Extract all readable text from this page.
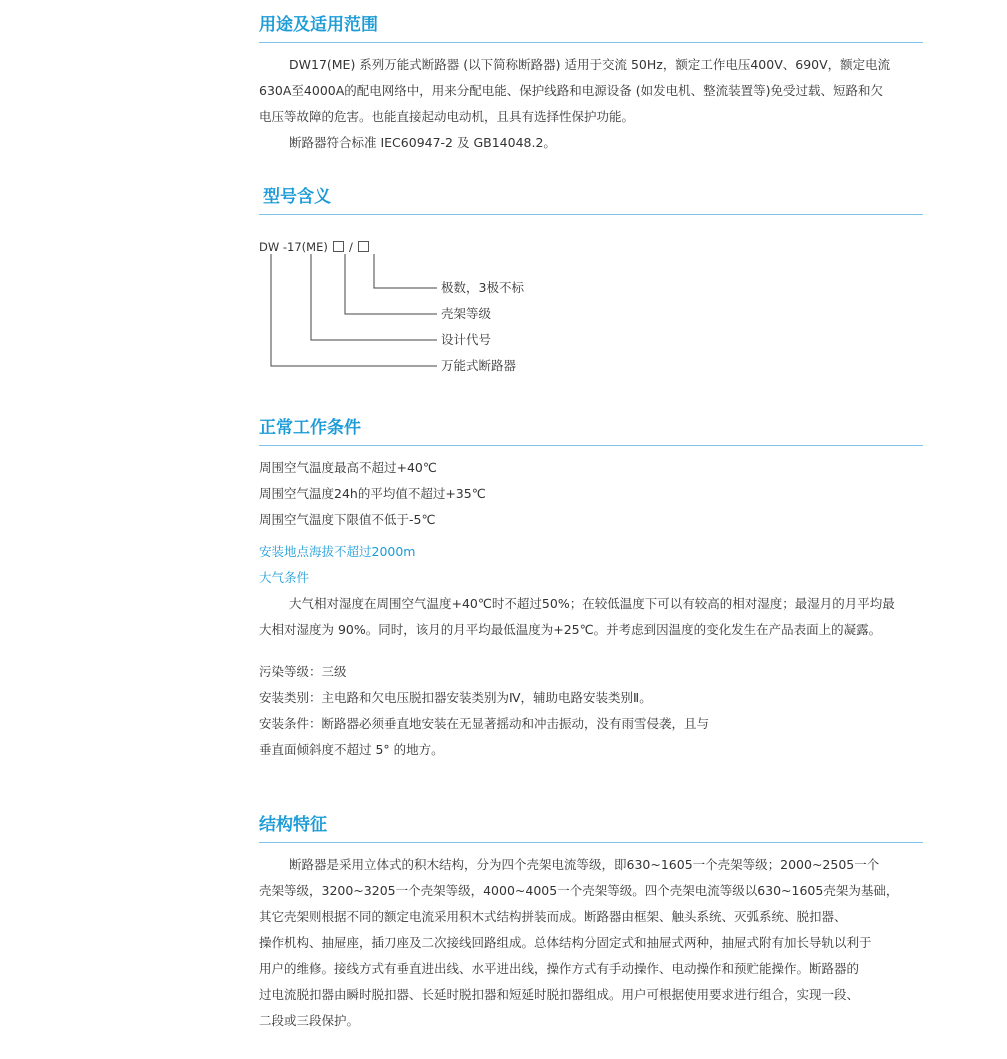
用途及适用范围

DW17(ME) 系列万能式断路器 (以下简称断路器) 适用于交流 50Hz，额定工作电压400V、690V，额定电流

630A至4000A的配电网络中，用来分配电能、保护线路和电源设备 (如发电机、整流装置等)免受过载、短路和欠

电压等故障的危害。也能直接起动电动机，且具有选择性保护功能。

断路器符合标准 IEC60947-2 及 GB14048.2。

型号含义
DW -17(ME) /
极数，3极不标
壳架等级
设计代号
万能式断路器
正常工作条件

周围空气温度最高不超过+40℃

周围空气温度24h的平均值不超过+35℃

周围空气温度下限值不低于-5℃

安装地点海拔不超过2000m
大气条件

大气相对湿度在周围空气温度+40℃时不超过50%；在较低温度下可以有较高的相对湿度；最湿月的月平均最

大相对湿度为 90%。同时，该月的月平均最低温度为+25℃。并考虑到因温度的变化发生在产品表面上的凝露。

污染等级：三级

安装类别：主电路和欠电压脱扣器安装类别为Ⅳ，辅助电路安装类别Ⅱ。

安装条件：断路器必须垂直地安装在无显著摇动和冲击振动，没有雨雪侵袭，且与

垂直面倾斜度不超过 5° 的地方。

结构特征

断路器是采用立体式的积木结构，分为四个壳架电流等级，即630~1605一个壳架等级；2000~2505一个

壳架等级，3200~3205一个壳架等级，4000~4005一个壳架等级。四个壳架电流等级以630~1605壳架为基础，

其它壳架则根据不同的额定电流采用积木式结构拼装而成。断路器由框架、触头系统、灭弧系统、脱扣器、

操作机构、抽屉座，插刀座及二次接线回路组成。总体结构分固定式和抽屉式两种，抽屉式附有加长导轨以利于

用户的维修。接线方式有垂直进出线、水平进出线，操作方式有手动操作、电动操作和预贮能操作。断路器的

过电流脱扣器由瞬时脱扣器、长延时脱扣器和短延时脱扣器组成。用户可根据使用要求进行组合，实现一段、

二段或三段保护。
